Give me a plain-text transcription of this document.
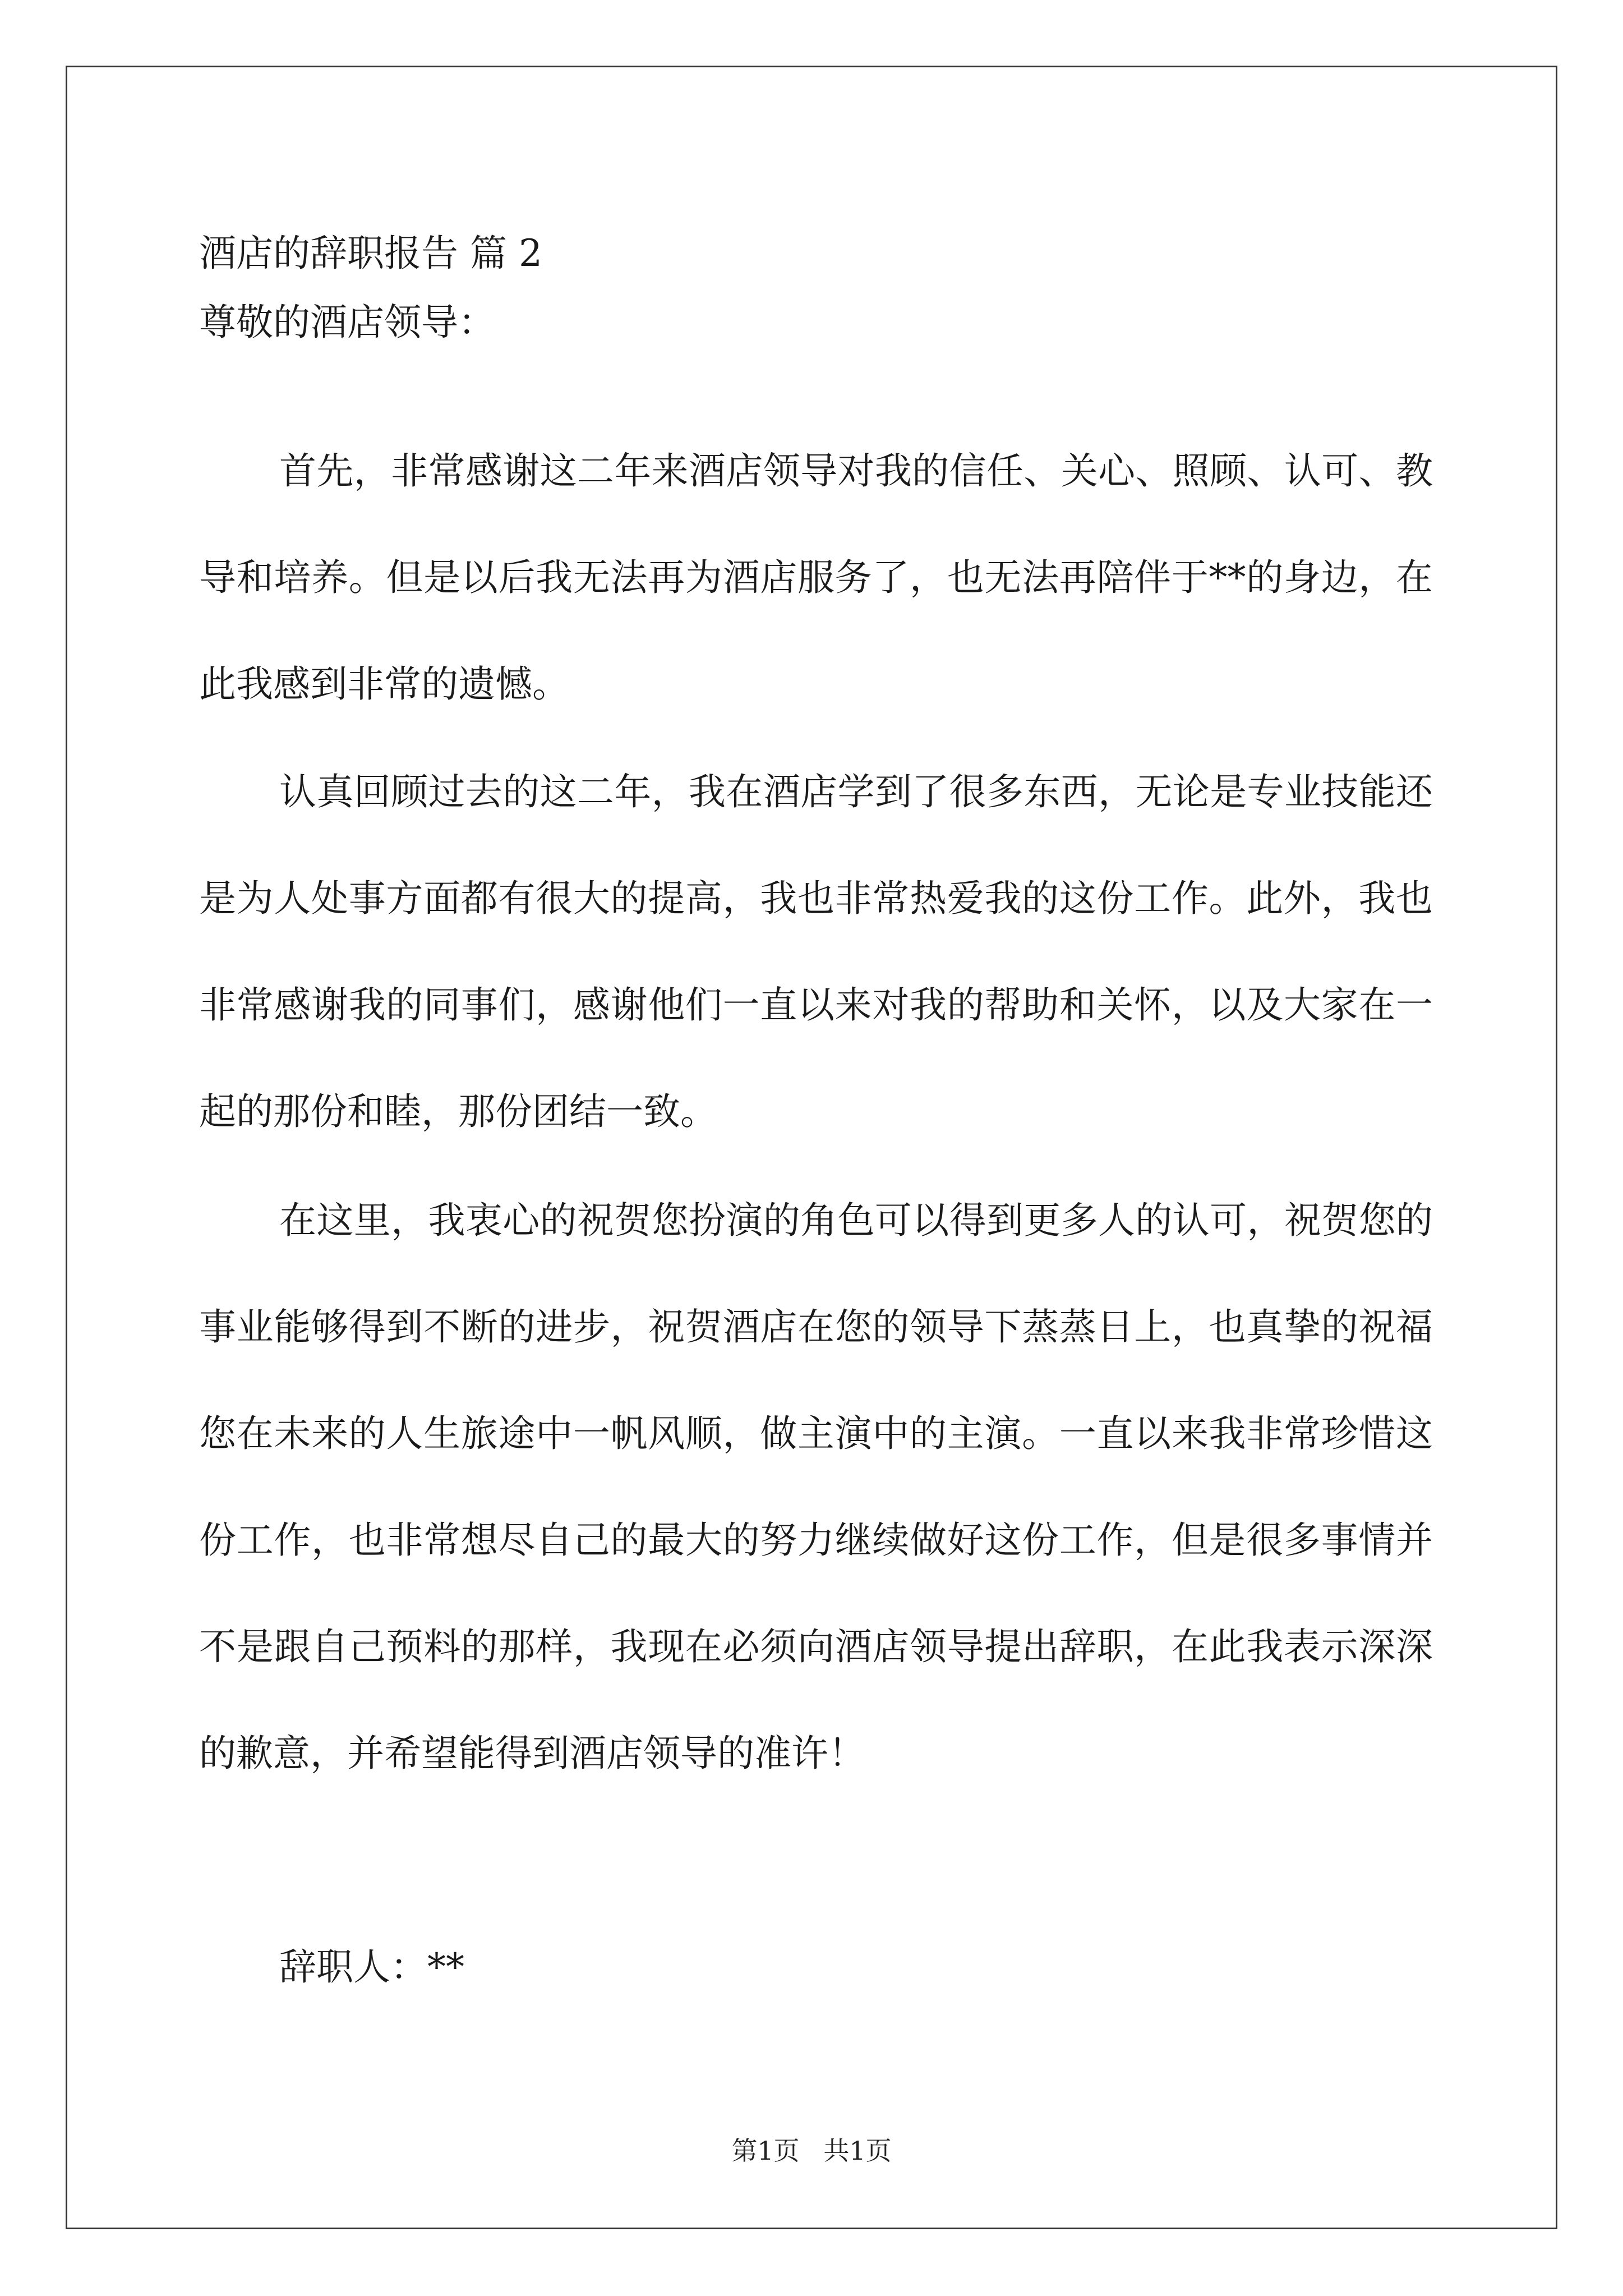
酒店的辞职报告 篇 2
尊敬的酒店领导：
首先，非常感谢这二年来酒店领导对我的信任、关心、照顾、认可、教导和培养。但是以后我无法再为酒店服务了，也无法再陪伴于**的身边，在此我感到非常的遗憾。
认真回顾过去的这二年，我在酒店学到了很多东西，无论是专业技能还是为人处事方面都有很大的提高，我也非常热爱我的这份工作。此外，我也非常感谢我的同事们，感谢他们一直以来对我的帮助和关怀，以及大家在一起的那份和睦，那份团结一致。
在这里，我衷心的祝贺您扮演的角色可以得到更多人的认可，祝贺您的事业能够得到不断的进步，祝贺酒店在您的领导下蒸蒸日上，也真挚的祝福您在未来的人生旅途中一帆风顺，做主演中的主演。一直以来我非常珍惜这份工作，也非常想尽自己的最大的努力继续做好这份工作，但是很多事情并不是跟自己预料的那样，我现在必须向酒店领导提出辞职，在此我表示深深的歉意，并希望能得到酒店领导的准许！
辞职人：**
第1页 共1页
